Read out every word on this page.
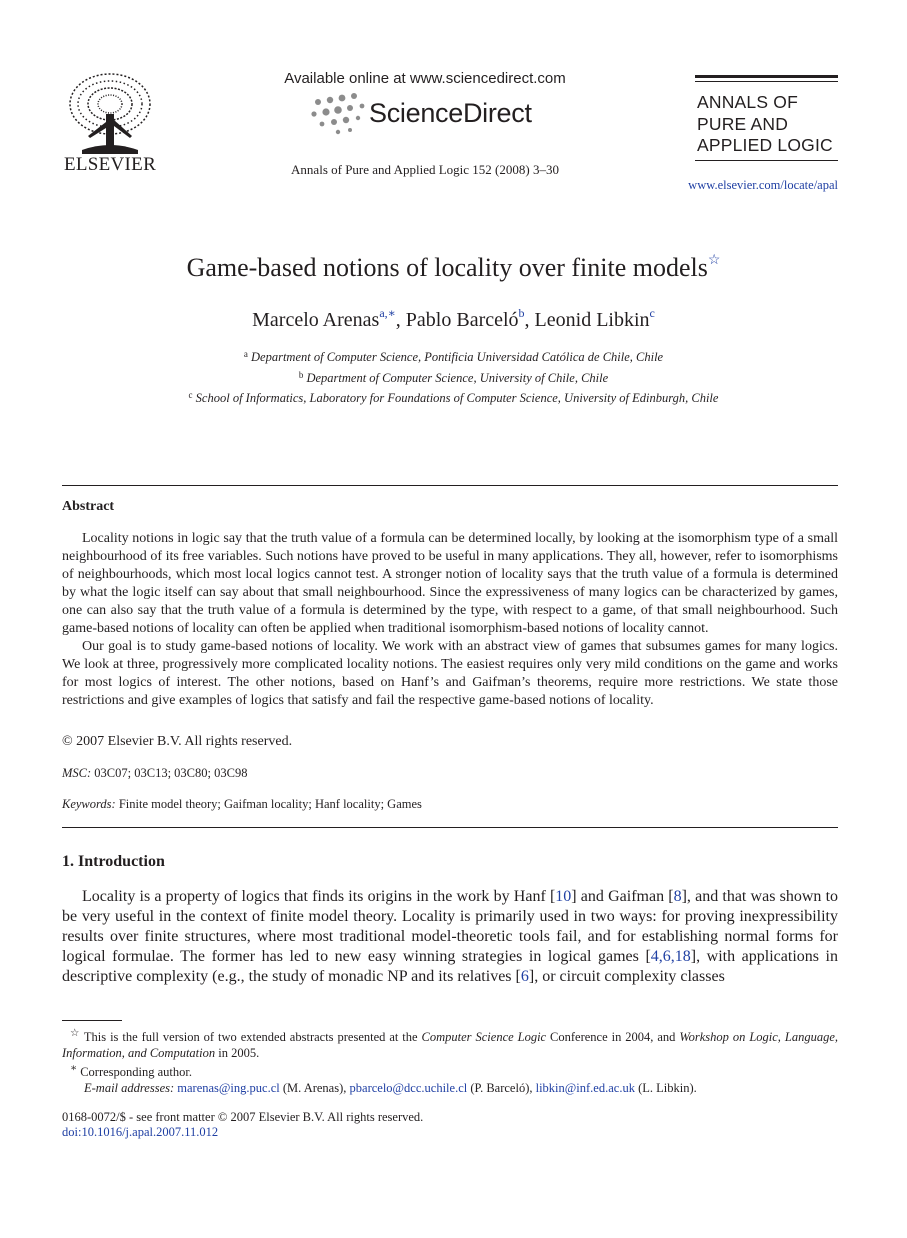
ELSEVIER
Available online at www.sciencedirect.com
ScienceDirect
Annals of Pure and Applied Logic 152 (2008) 3–30
ANNALS OF
PURE AND
APPLIED LOGIC
www.elsevier.com/locate/apal
Game-based notions of locality over finite models☆
Marcelo Arenas$^{a,∗}$, Pablo Barceló$^b$, Leonid Libkin$^c$
$^a$ Department of Computer Science, Pontificia Universidad Católica de Chile, Chile
$^b$ Department of Computer Science, University of Chile, Chile
$^c$ School of Informatics, Laboratory for Foundations of Computer Science, University of Edinburgh, Chile
Abstract

Locality notions in logic say that the truth value of a formula can be determined locally, by looking at the isomorphism type of a small neighbourhood of its free variables. Such notions have proved to be useful in many applications. They all, however, refer to isomorphisms of neighbourhoods, which most local logics cannot test. A stronger notion of locality says that the truth value of a formula is determined by what the logic itself can say about that small neighbourhood. Since the expressiveness of many logics can be characterized by games, one can also say that the truth value of a formula is determined by the type, with respect to a game, of that small neighbourhood. Such game-based notions of locality can often be applied when traditional isomorphism-based notions of locality cannot.

Our goal is to study game-based notions of locality. We work with an abstract view of games that subsumes games for many logics. We look at three, progressively more complicated locality notions. The easiest requires only very mild conditions on the game and works for most logics of interest. The other notions, based on Hanf’s and Gaifman’s theorems, require more restrictions. We state those restrictions and give examples of logics that satisfy and fail the respective game-based notions of locality.

© 2007 Elsevier B.V. All rights reserved.
MSC: 03C07; 03C13; 03C80; 03C98
Keywords: Finite model theory; Gaifman locality; Hanf locality; Games
1. Introduction

Locality is a property of logics that finds its origins in the work by Hanf [10] and Gaifman [8], and that was shown to be very useful in the context of finite model theory. Locality is primarily used in two ways: for proving inexpressibility results over finite structures, where most traditional model-theoretic tools fail, and for establishing normal forms for logical formulae. The former has led to new easy winning strategies in logical games [4,6,18], with applications in descriptive complexity (e.g., the study of monadic NP and its relatives [6], or circuit complexity classes

☆ This is the full version of two extended abstracts presented at the Computer Science Logic Conference in 2004, and Workshop on Logic, Language, Information, and Computation in 2005.

∗ Corresponding author.

E-mail addresses: marenas@ing.puc.cl (M. Arenas), pbarcelo@dcc.uchile.cl (P. Barceló), libkin@inf.ed.ac.uk (L. Libkin).

0168-0072/$ - see front matter © 2007 Elsevier B.V. All rights reserved.
doi:10.1016/j.apal.2007.11.012
